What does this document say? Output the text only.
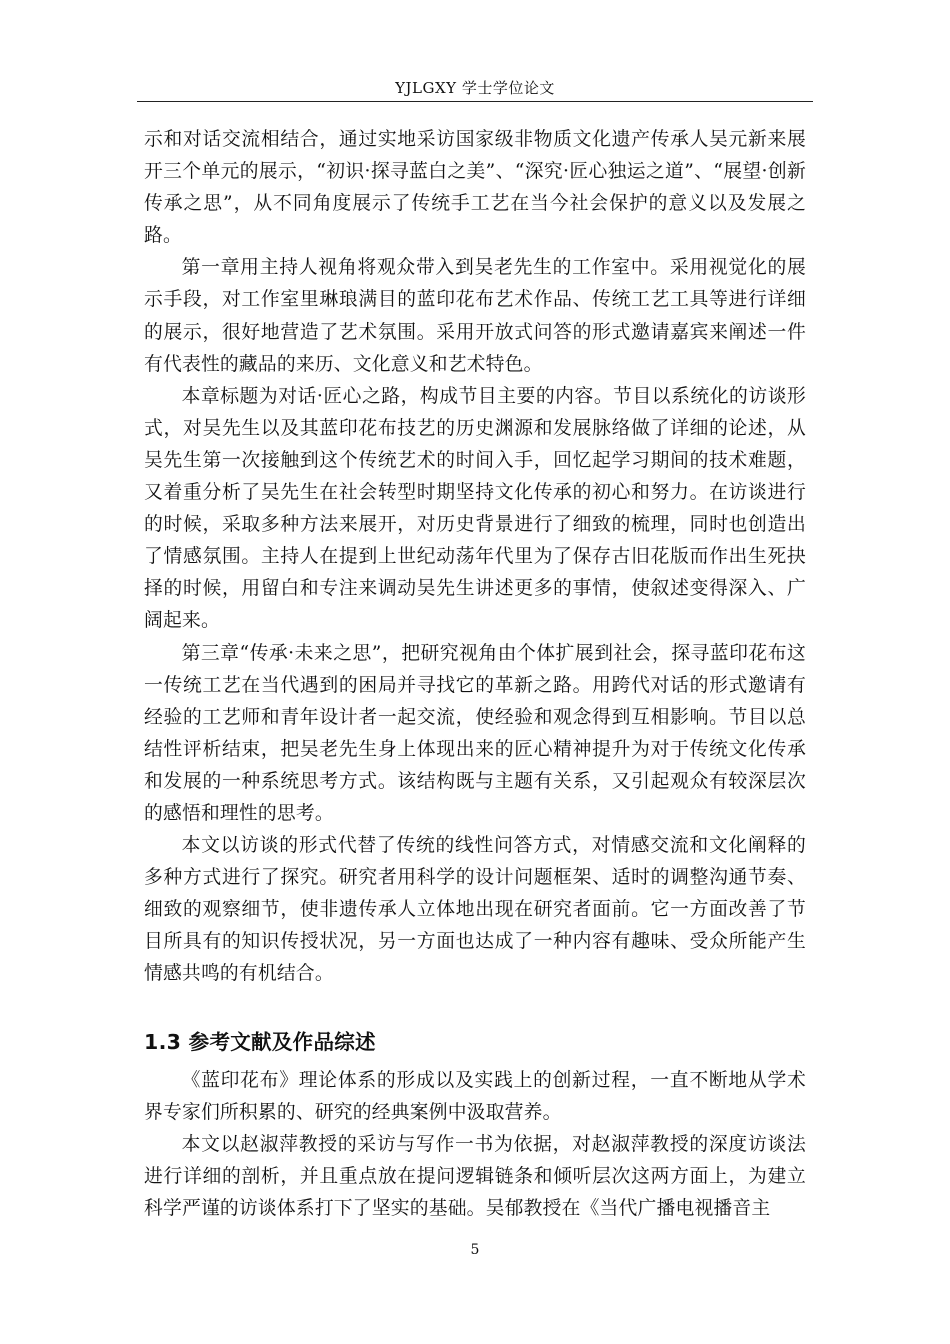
YJLGXY 学士学位论文

示和对话交流相结合，通过实地采访国家级非物质文化遗产传承人吴元新来展开三个单元的展示，“初识·探寻蓝白之美”、“深究·匠心独运之道”、“展望·创新传承之思”，从不同角度展示了传统手工艺在当今社会保护的意义以及发展之路。

第一章用主持人视角将观众带入到吴老先生的工作室中。采用视觉化的展示手段，对工作室里琳琅满目的蓝印花布艺术作品、传统工艺工具等进行详细的展示，很好地营造了艺术氛围。采用开放式问答的形式邀请嘉宾来阐述一件有代表性的藏品的来历、文化意义和艺术特色。

本章标题为对话·匠心之路，构成节目主要的内容。节目以系统化的访谈形式，对吴先生以及其蓝印花布技艺的历史渊源和发展脉络做了详细的论述，从吴先生第一次接触到这个传统艺术的时间入手，回忆起学习期间的技术难题，又着重分析了吴先生在社会转型时期坚持文化传承的初心和努力。在访谈进行的时候，采取多种方法来展开，对历史背景进行了细致的梳理，同时也创造出了情感氛围。主持人在提到上世纪动荡年代里为了保存古旧花版而作出生死抉择的时候，用留白和专注来调动吴先生讲述更多的事情，使叙述变得深入、广阔起来。

第三章“传承·未来之思”，把研究视角由个体扩展到社会，探寻蓝印花布这一传统工艺在当代遇到的困局并寻找它的革新之路。用跨代对话的形式邀请有经验的工艺师和青年设计者一起交流，使经验和观念得到互相影响。节目以总结性评析结束，把吴老先生身上体现出来的匠心精神提升为对于传统文化传承和发展的一种系统思考方式。该结构既与主题有关系，又引起观众有较深层次的感悟和理性的思考。

本文以访谈的形式代替了传统的线性问答方式，对情感交流和文化阐释的多种方式进行了探究。研究者用科学的设计问题框架、适时的调整沟通节奏、细致的观察细节，使非遗传承人立体地出现在研究者面前。它一方面改善了节目所具有的知识传授状况，另一方面也达成了一种内容有趣味、受众所能产生情感共鸣的有机结合。

1.3 参考文献及作品综述

《蓝印花布》理论体系的形成以及实践上的创新过程，一直不断地从学术界专家们所积累的、研究的经典案例中汲取营养。

本文以赵淑萍教授的采访与写作一书为依据，对赵淑萍教授的深度访谈法进行详细的剖析，并且重点放在提问逻辑链条和倾听层次这两方面上，为建立科学严谨的访谈体系打下了坚实的基础。吴郁教授在《当代广播电视播音主

5
